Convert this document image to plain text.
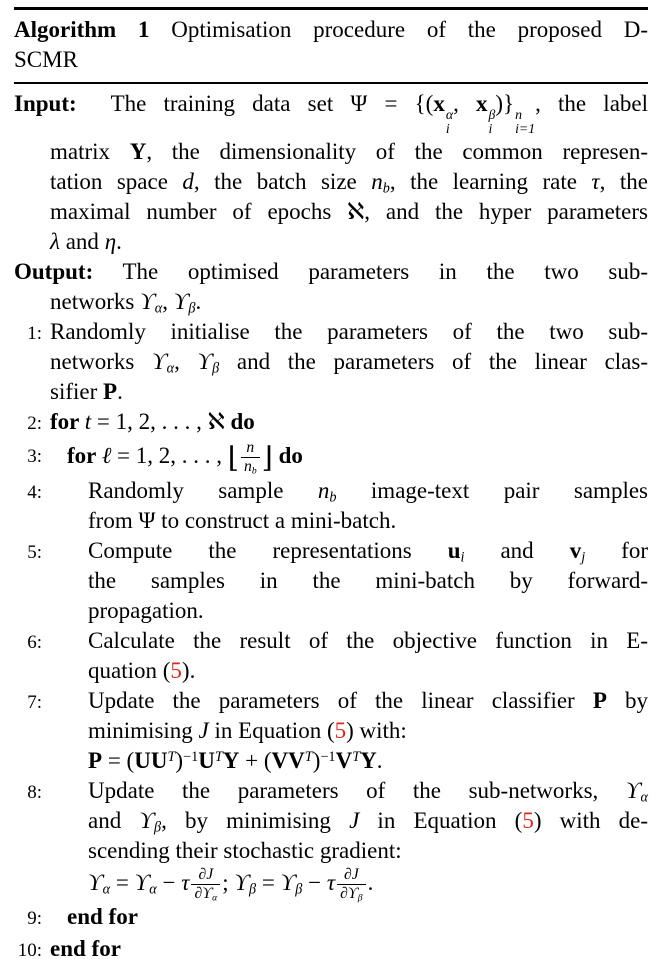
Algorithm 1 Optimisation procedure of the proposed D-
SCMR
Input:  The training data set Ψ = {(x α
i
, x β
i
)} n
i=1
, the label
matrix Y, the dimensionality of the common represen-
tation space d, the batch size $n_b$, the learning rate τ, the
maximal number of epochs ℵ, and the hyper parameters
λ and η.
Output: The optimised parameters in the two sub-
networks $ϒ_\alpha$, $ϒ_\beta$.
1: Randomly initialise the parameters of the two sub-
networks $ϒ_\alpha$, $ϒ_\beta$ and the parameters of the linear clas-
sifier P.
2: for t = 1, 2, . . . , ℵ do
3:	for ℓ = 1, 2, . . . , ⌊ $\frac{n}{n_b}$ ⌋ do
4:	Randomly sample $n_b$ image-text pair samples
from Ψ to construct a mini-batch.
5:	Compute the representations $u_i$ and $v_j$ for
the samples in the mini-batch by forward-
propagation.
6:	Calculate the result of the objective function in E-
quation (5).
7:	Update the parameters of the linear classifier P by
minimising J in Equation (5) with:
$P = (UU^T)^{-1}U^TY + (VV^T)^{-1}V^TY$.
8:	Update the parameters of the sub-networks, $ϒ_\alpha$
and $ϒ_\beta$, by minimising J in Equation (5) with de-
scending their stochastic gradient:
$ϒ_\alpha = ϒ_\alpha - \tau \frac{\partial J}{\partial ϒ_\alpha}$ ; $ϒ_\beta = ϒ_\beta - \tau \frac{\partial J}{\partial ϒ_\beta}$ .
9:	end for
10: end for
